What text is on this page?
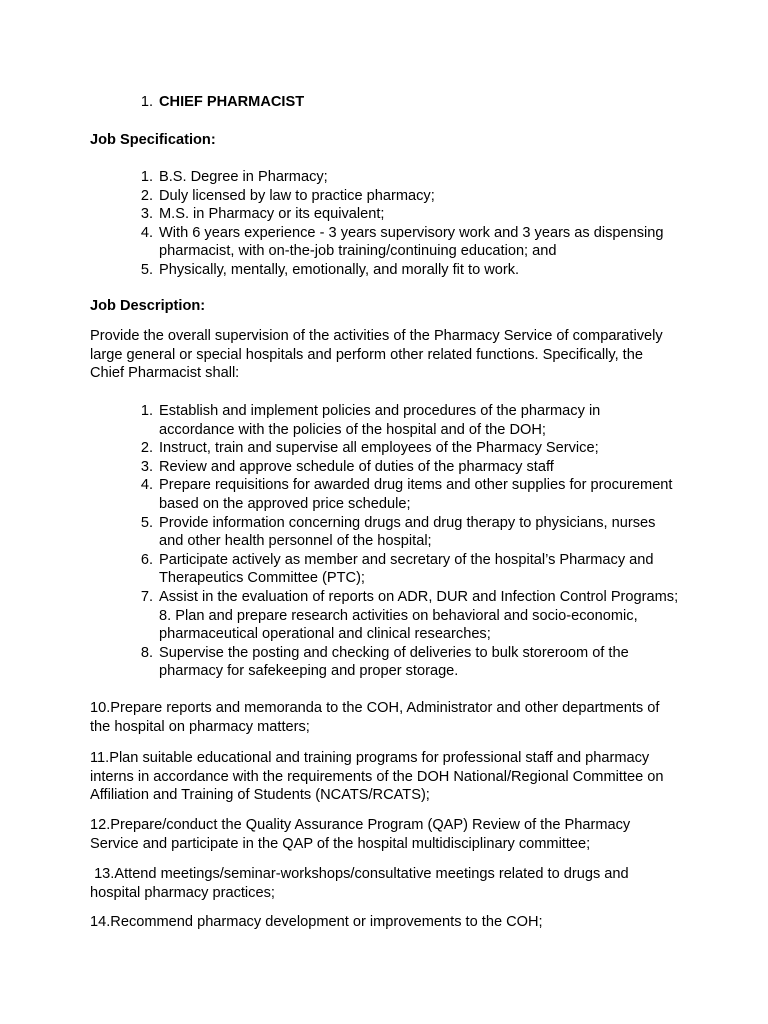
1. CHIEF PHARMACIST
Job Specification:
1. B.S. Degree in Pharmacy;
2. Duly licensed by law to practice pharmacy;
3. M.S. in Pharmacy or its equivalent;
4. With 6 years experience - 3 years supervisory work and 3 years as dispensing pharmacist, with on-the-job training/continuing education; and
5. Physically, mentally, emotionally, and morally fit to work.
Job Description:

Provide the overall supervision of the activities of the Pharmacy Service of comparatively large general or special hospitals and perform other related functions. Specifically, the Chief Pharmacist shall:

1. Establish and implement policies and procedures of the pharmacy in accordance with the policies of the hospital and of the DOH;
2. Instruct, train and supervise all employees of the Pharmacy Service;
3. Review and approve schedule of duties of the pharmacy staff
4. Prepare requisitions for awarded drug items and other supplies for procurement based on the approved price schedule;
5. Provide information concerning drugs and drug therapy to physicians, nurses and other health personnel of the hospital;
6. Participate actively as member and secretary of the hospital’s Pharmacy and Therapeutics Committee (PTC);
7. Assist in the evaluation of reports on ADR, DUR and Infection Control Programs; 8. Plan and prepare research activities on behavioral and socio-economic, pharmaceutical operational and clinical researches;
8. Supervise the posting and checking of deliveries to bulk storeroom of the pharmacy for safekeeping and proper storage.

10.Prepare reports and memoranda to the COH, Administrator and other departments of the hospital on pharmacy matters;

11.Plan suitable educational and training programs for professional staff and pharmacy interns in accordance with the requirements of the DOH National/Regional Committee on Affiliation and Training of Students (NCATS/RCATS);

12.Prepare/conduct the Quality Assurance Program (QAP) Review of the Pharmacy Service and participate in the QAP of the hospital multidisciplinary committee;

13.Attend meetings/seminar-workshops/consultative meetings related to drugs and hospital pharmacy practices;

14.Recommend pharmacy development or improvements to the COH;
